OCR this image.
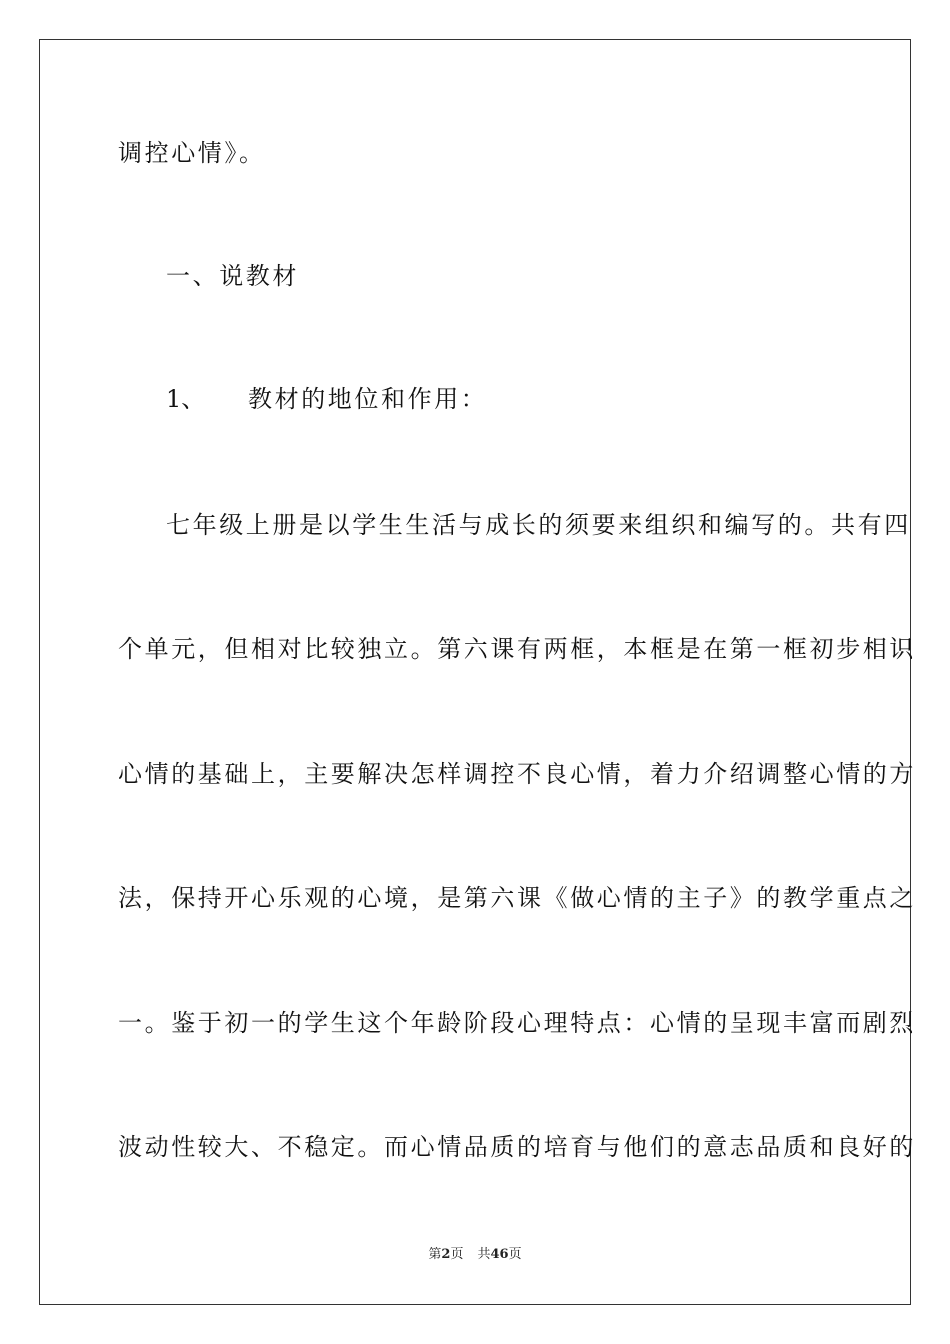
调控心情》。
一、说教材
1、 教材的地位和作用：
七年级上册是以学生生活与成长的须要来组织和编写的。共有四
个单元，但相对比较独立。第六课有两框，本框是在第一框初步相识
心情的基础上，主要解决怎样调控不良心情，着力介绍调整心情的方
法，保持开心乐观的心境，是第六课《做心情的主子》的教学重点之
一。鉴于初一的学生这个年龄阶段心理特点：心情的呈现丰富而剧烈
波动性较大、不稳定。而心情品质的培育与他们的意志品质和良好的
第2页 共46页
